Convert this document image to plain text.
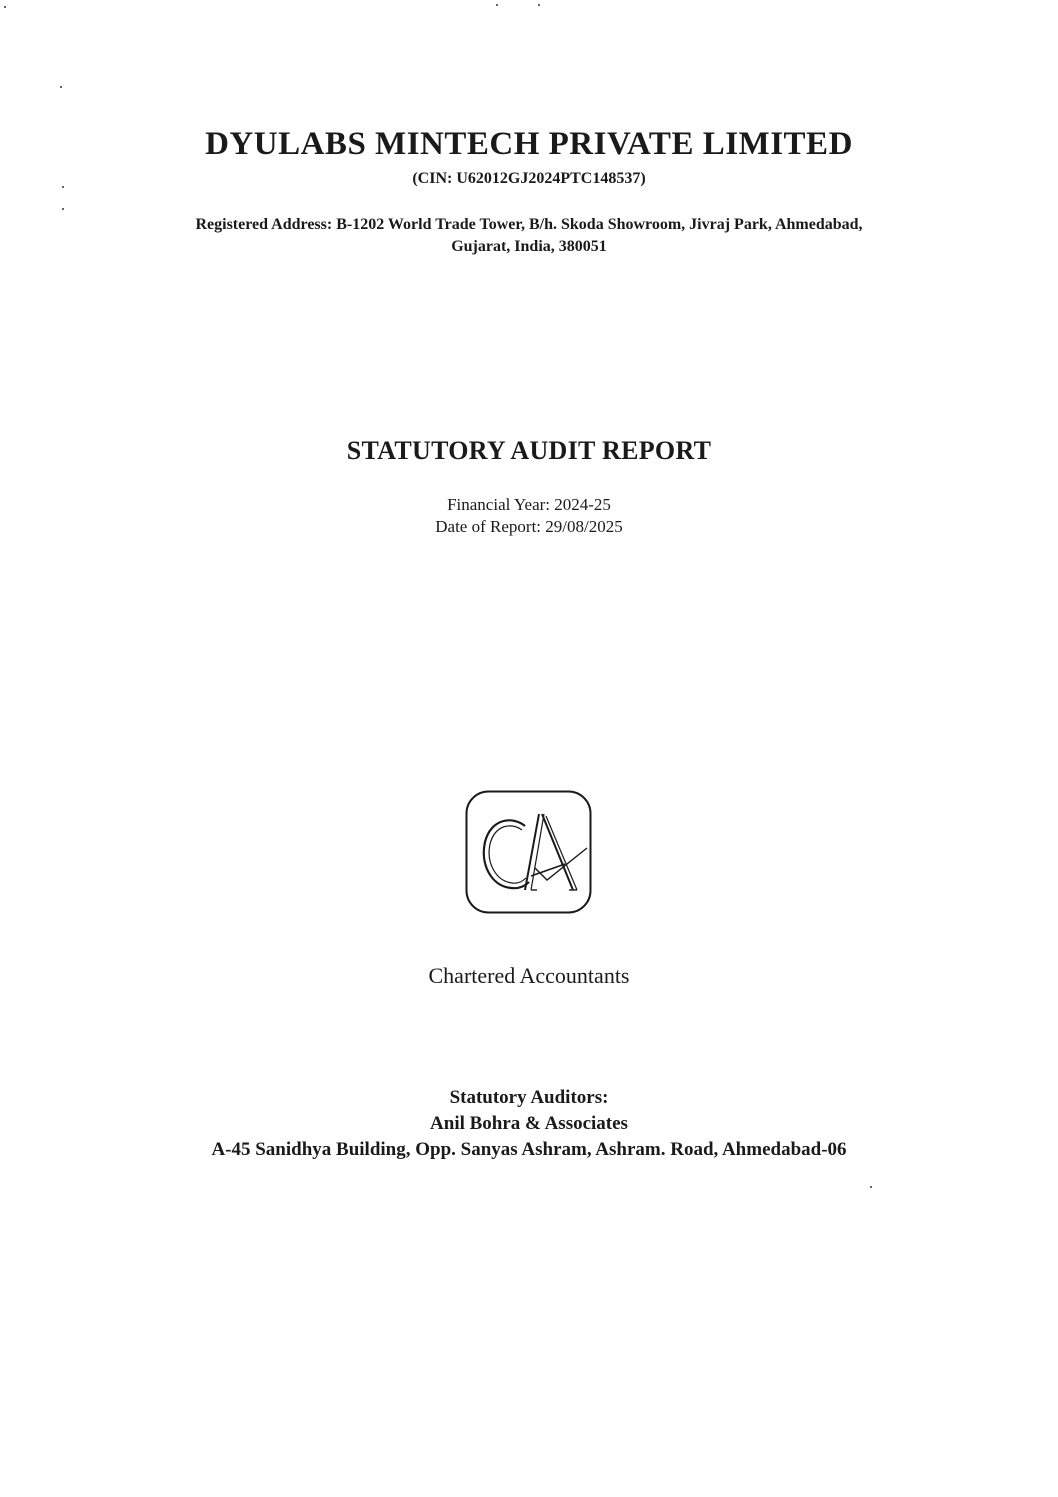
DYULABS MINTECH PRIVATE LIMITED
(CIN: U62012GJ2024PTC148537)
Registered Address: B-1202 World Trade Tower, B/h. Skoda Showroom, Jivraj Park, Ahmedabad,
Gujarat, India, 380051
STATUTORY AUDIT REPORT
Financial Year: 2024-25
Date of Report: 29/08/2025
Chartered Accountants
Statutory Auditors:
Anil Bohra & Associates
A-45 Sanidhya Building, Opp. Sanyas Ashram, Ashram. Road, Ahmedabad-06
